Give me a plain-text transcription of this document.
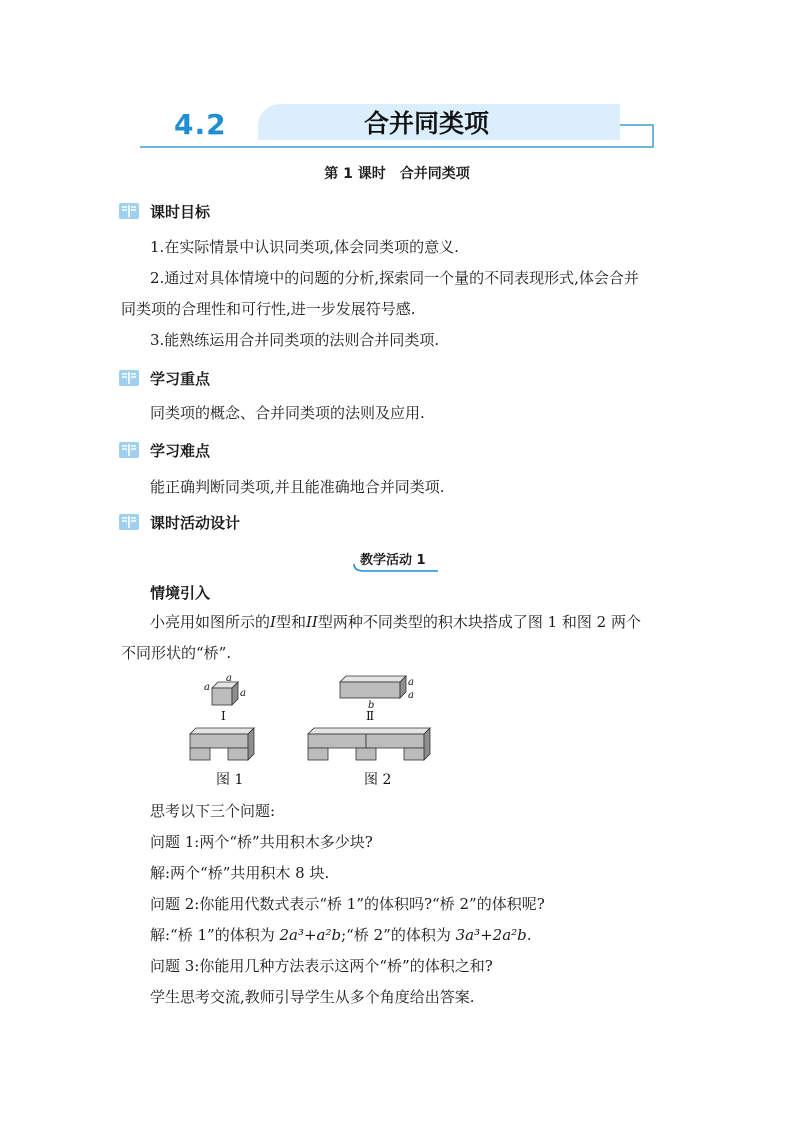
4.2	合并同类项
第 1 课时　合并同类项
课时目标
1.在实际情景中认识同类项,体会同类项的意义.
2.通过对具体情境中的问题的分析,探索同一个量的不同表现形式,体会合并
同类项的合理性和可行性,进一步发展符号感.
3.能熟练运用合并同类项的法则合并同类项.
学习重点
同类项的概念、合并同类项的法则及应用.
学习难点
能正确判断同类项,并且能准确地合并同类项.
课时活动设计
教学活动 1
情境引入
小亮用如图所示的I型和II型两种不同类型的积木块搭成了图 1 和图 2 两个
不同形状的“桥”.
a
a
a
Ⅰ
a
a
b
Ⅱ
图 1	图 2
思考以下三个问题:
问题 1:两个“桥”共用积木多少块?
解:两个“桥”共用积木 8 块.
问题 2:你能用代数式表示“桥 1”的体积吗?“桥 2”的体积呢?
解:“桥 1”的体积为 2a³+a²b;“桥 2”的体积为 3a³+2a²b.
问题 3:你能用几种方法表示这两个“桥”的体积之和?
学生思考交流,教师引导学生从多个角度给出答案.
